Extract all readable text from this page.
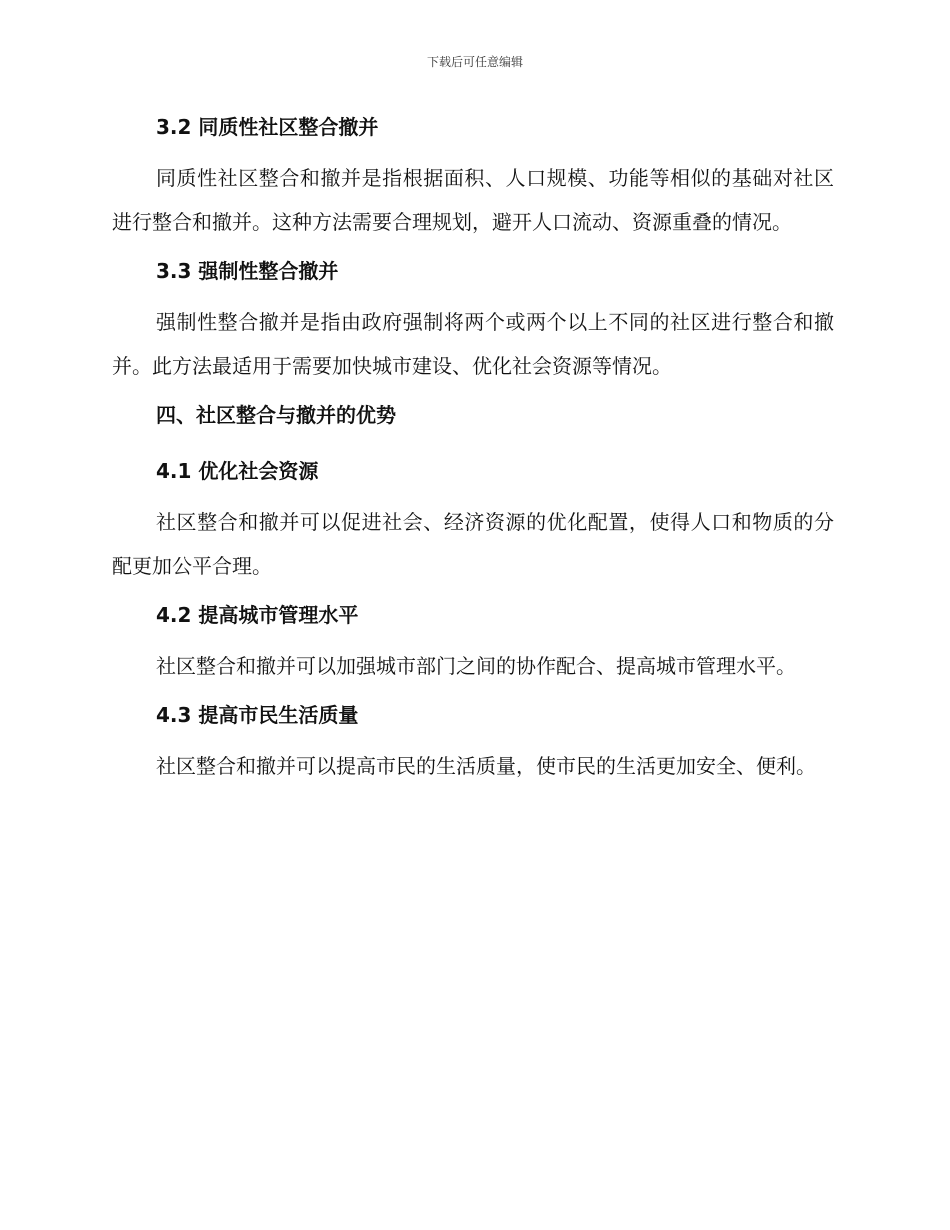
下载后可任意编辑
3.2 同质性社区整合撤并

同质性社区整合和撤并是指根据面积、人口规模、功能等相似的基础对社区进行整合和撤并。这种方法需要合理规划，避开人口流动、资源重叠的情况。

3.3 强制性整合撤并

强制性整合撤并是指由政府强制将两个或两个以上不同的社区进行整合和撤并。此方法最适用于需要加快城市建设、优化社会资源等情况。

四、社区整合与撤并的优势
4.1 优化社会资源

社区整合和撤并可以促进社会、经济资源的优化配置，使得人口和物质的分配更加公平合理。

4.2 提高城市管理水平

社区整合和撤并可以加强城市部门之间的协作配合、提高城市管理水平。

4.3 提高市民生活质量

社区整合和撤并可以提高市民的生活质量，使市民的生活更加安全、便利。
